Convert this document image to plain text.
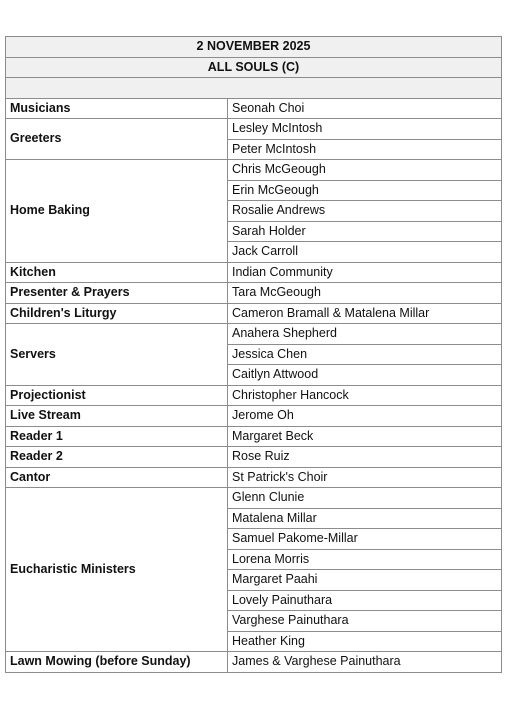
2 NOVEMBER 2025	
ALL SOULS (C)	

Musicians	Seonah Choi
Greeters	Lesley McIntosh
	Peter McIntosh
Home Baking	Chris McGeough
	Erin McGeough
	Rosalie Andrews
	Sarah Holder
	Jack Carroll
Kitchen	Indian Community
Presenter & Prayers	Tara McGeough
Children's Liturgy	Cameron Bramall & Matalena Millar
Servers	Anahera Shepherd
	Jessica Chen
	Caitlyn Attwood
Projectionist	Christopher Hancock
Live Stream	Jerome Oh
Reader 1	Margaret Beck
Reader 2	Rose Ruiz
Cantor	St Patrick's Choir
Eucharistic Ministers	Glenn Clunie
	Matalena Millar
	Samuel Pakome-Millar
	Lorena Morris
	Margaret Paahi
	Lovely Painuthara
	Varghese Painuthara
	Heather King
Lawn Mowing (before Sunday)	James & Varghese Painuthara
